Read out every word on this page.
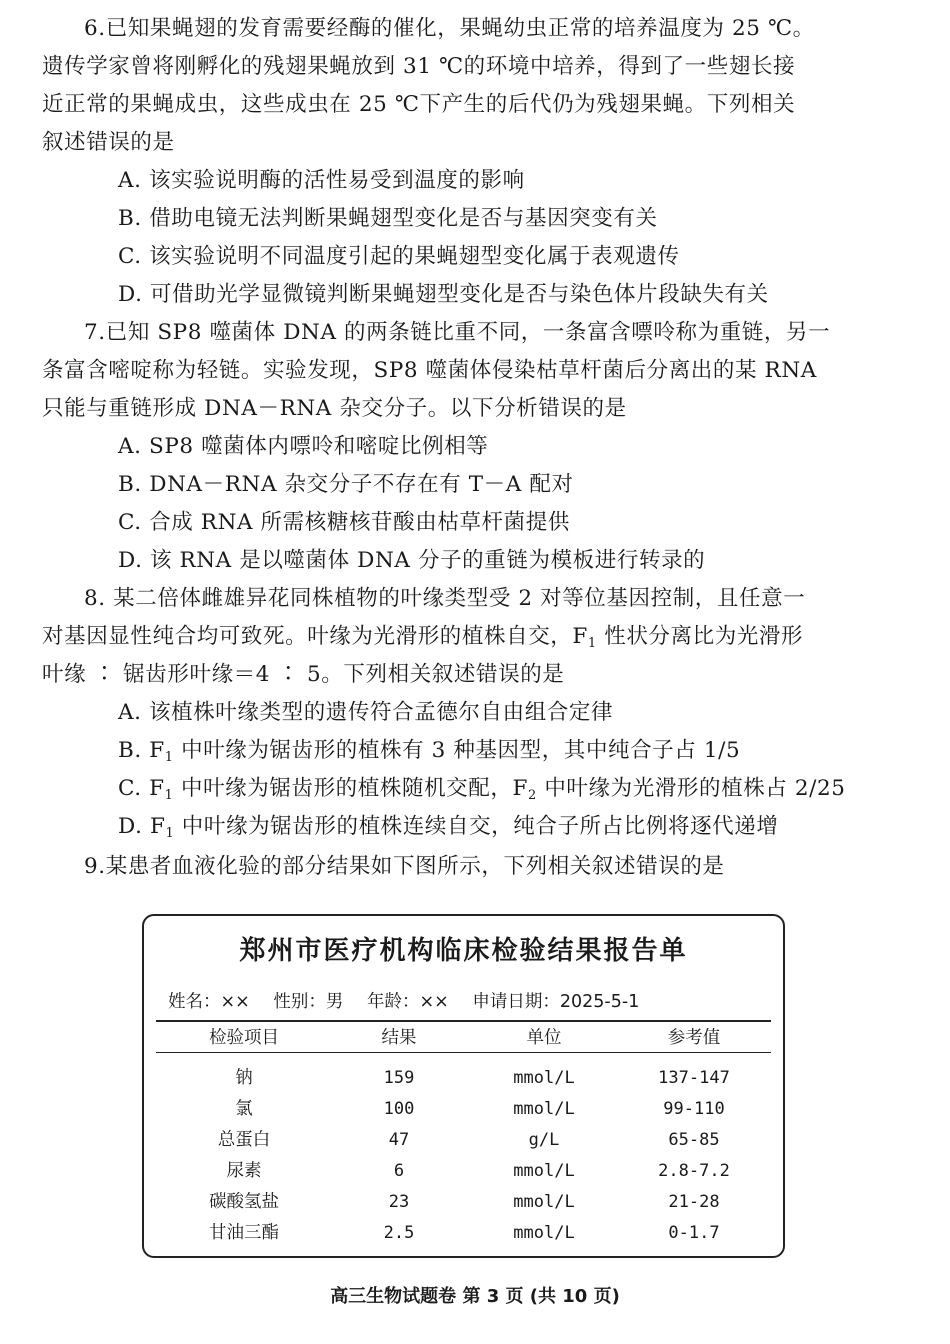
6.已知果蝇翅的发育需要经酶的催化，果蝇幼虫正常的培养温度为 25 ℃。
遗传学家曾将刚孵化的残翅果蝇放到 31 ℃的环境中培养，得到了一些翅长接
近正常的果蝇成虫，这些成虫在 25 ℃下产生的后代仍为残翅果蝇。下列相关
叙述错误的是
A. 该实验说明酶的活性易受到温度的影响
B. 借助电镜无法判断果蝇翅型变化是否与基因突变有关
C. 该实验说明不同温度引起的果蝇翅型变化属于表观遗传
D. 可借助光学显微镜判断果蝇翅型变化是否与染色体片段缺失有关
7.已知 SP8 噬菌体 DNA 的两条链比重不同，一条富含嘌呤称为重链，另一
条富含嘧啶称为轻链。实验发现，SP8 噬菌体侵染枯草杆菌后分离出的某 RNA
只能与重链形成 DNA－RNA 杂交分子。以下分析错误的是
A. SP8 噬菌体内嘌呤和嘧啶比例相等
B. DNA－RNA 杂交分子不存在有 T－A 配对
C. 合成 RNA 所需核糖核苷酸由枯草杆菌提供
D. 该 RNA 是以噬菌体 DNA 分子的重链为模板进行转录的
8. 某二倍体雌雄异花同株植物的叶缘类型受 2 对等位基因控制，且任意一
对基因显性纯合均可致死。叶缘为光滑形的植株自交，$F_1$ 性状分离比为光滑形
叶缘 ∶ 锯齿形叶缘＝4 ∶ 5。下列相关叙述错误的是
A. 该植株叶缘类型的遗传符合孟德尔自由组合定律
B. $F_1$ 中叶缘为锯齿形的植株有 3 种基因型，其中纯合子占 1/5
C. $F_1$ 中叶缘为锯齿形的植株随机交配，$F_2$ 中叶缘为光滑形的植株占 2/25
D. $F_1$ 中叶缘为锯齿形的植株连续自交，纯合子所占比例将逐代递增
9.某患者血液化验的部分结果如下图所示，下列相关叙述错误的是
郑州市医疗机构临床检验结果报告单
姓名：×× 性别：男 年龄：×× 申请日期：2025-5-1
检验项目	结果	单位	参考值
钠	159	mmol/L	137-147
氯	100	mmol/L	99-110
总蛋白	47	g/L	65-85
尿素	6	mmol/L	2.8-7.2
碳酸氢盐	23	mmol/L	21-28
甘油三酯	2.5	mmol/L	0-1.7
高三生物试题卷 第 3 页 (共 10 页)
